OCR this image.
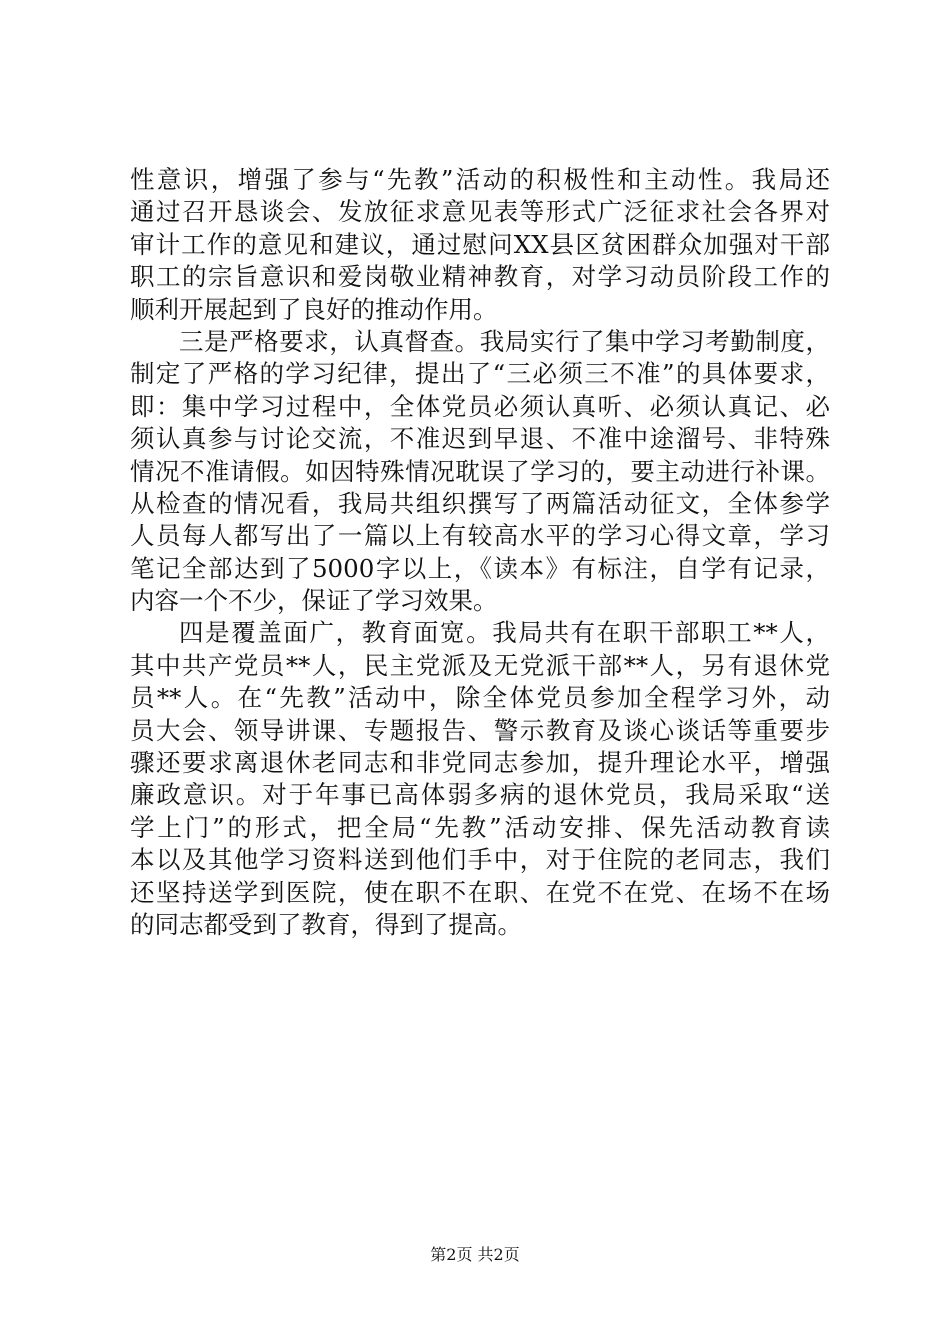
性意识，增强了参与“先教”活动的积极性和主动性。我局还
通过召开恳谈会、发放征求意见表等形式广泛征求社会各界对
审计工作的意见和建议，通过慰问XX县区贫困群众加强对干部
职工的宗旨意识和爱岗敬业精神教育，对学习动员阶段工作的
顺利开展起到了良好的推动作用。
三是严格要求，认真督查。我局实行了集中学习考勤制度，
制定了严格的学习纪律，提出了“三必须三不准”的具体要求，
即：集中学习过程中，全体党员必须认真听、必须认真记、必
须认真参与讨论交流，不准迟到早退、不准中途溜号、非特殊
情况不准请假。如因特殊情况耽误了学习的，要主动进行补课。
从检查的情况看，我局共组织撰写了两篇活动征文，全体参学
人员每人都写出了一篇以上有较高水平的学习心得文章，学习
笔记全部达到了5000字以上，《读本》有标注，自学有记录，
内容一个不少，保证了学习效果。
四是覆盖面广，教育面宽。我局共有在职干部职工**人，
其中共产党员**人，民主党派及无党派干部**人，另有退休党
员**人。在“先教”活动中，除全体党员参加全程学习外，动
员大会、领导讲课、专题报告、警示教育及谈心谈话等重要步
骤还要求离退休老同志和非党同志参加，提升理论水平，增强
廉政意识。对于年事已高体弱多病的退休党员，我局采取“送
学上门”的形式，把全局“先教”活动安排、保先活动教育读
本以及其他学习资料送到他们手中，对于住院的老同志，我们
还坚持送学到医院，使在职不在职、在党不在党、在场不在场
的同志都受到了教育，得到了提高。
第2页 共2页
